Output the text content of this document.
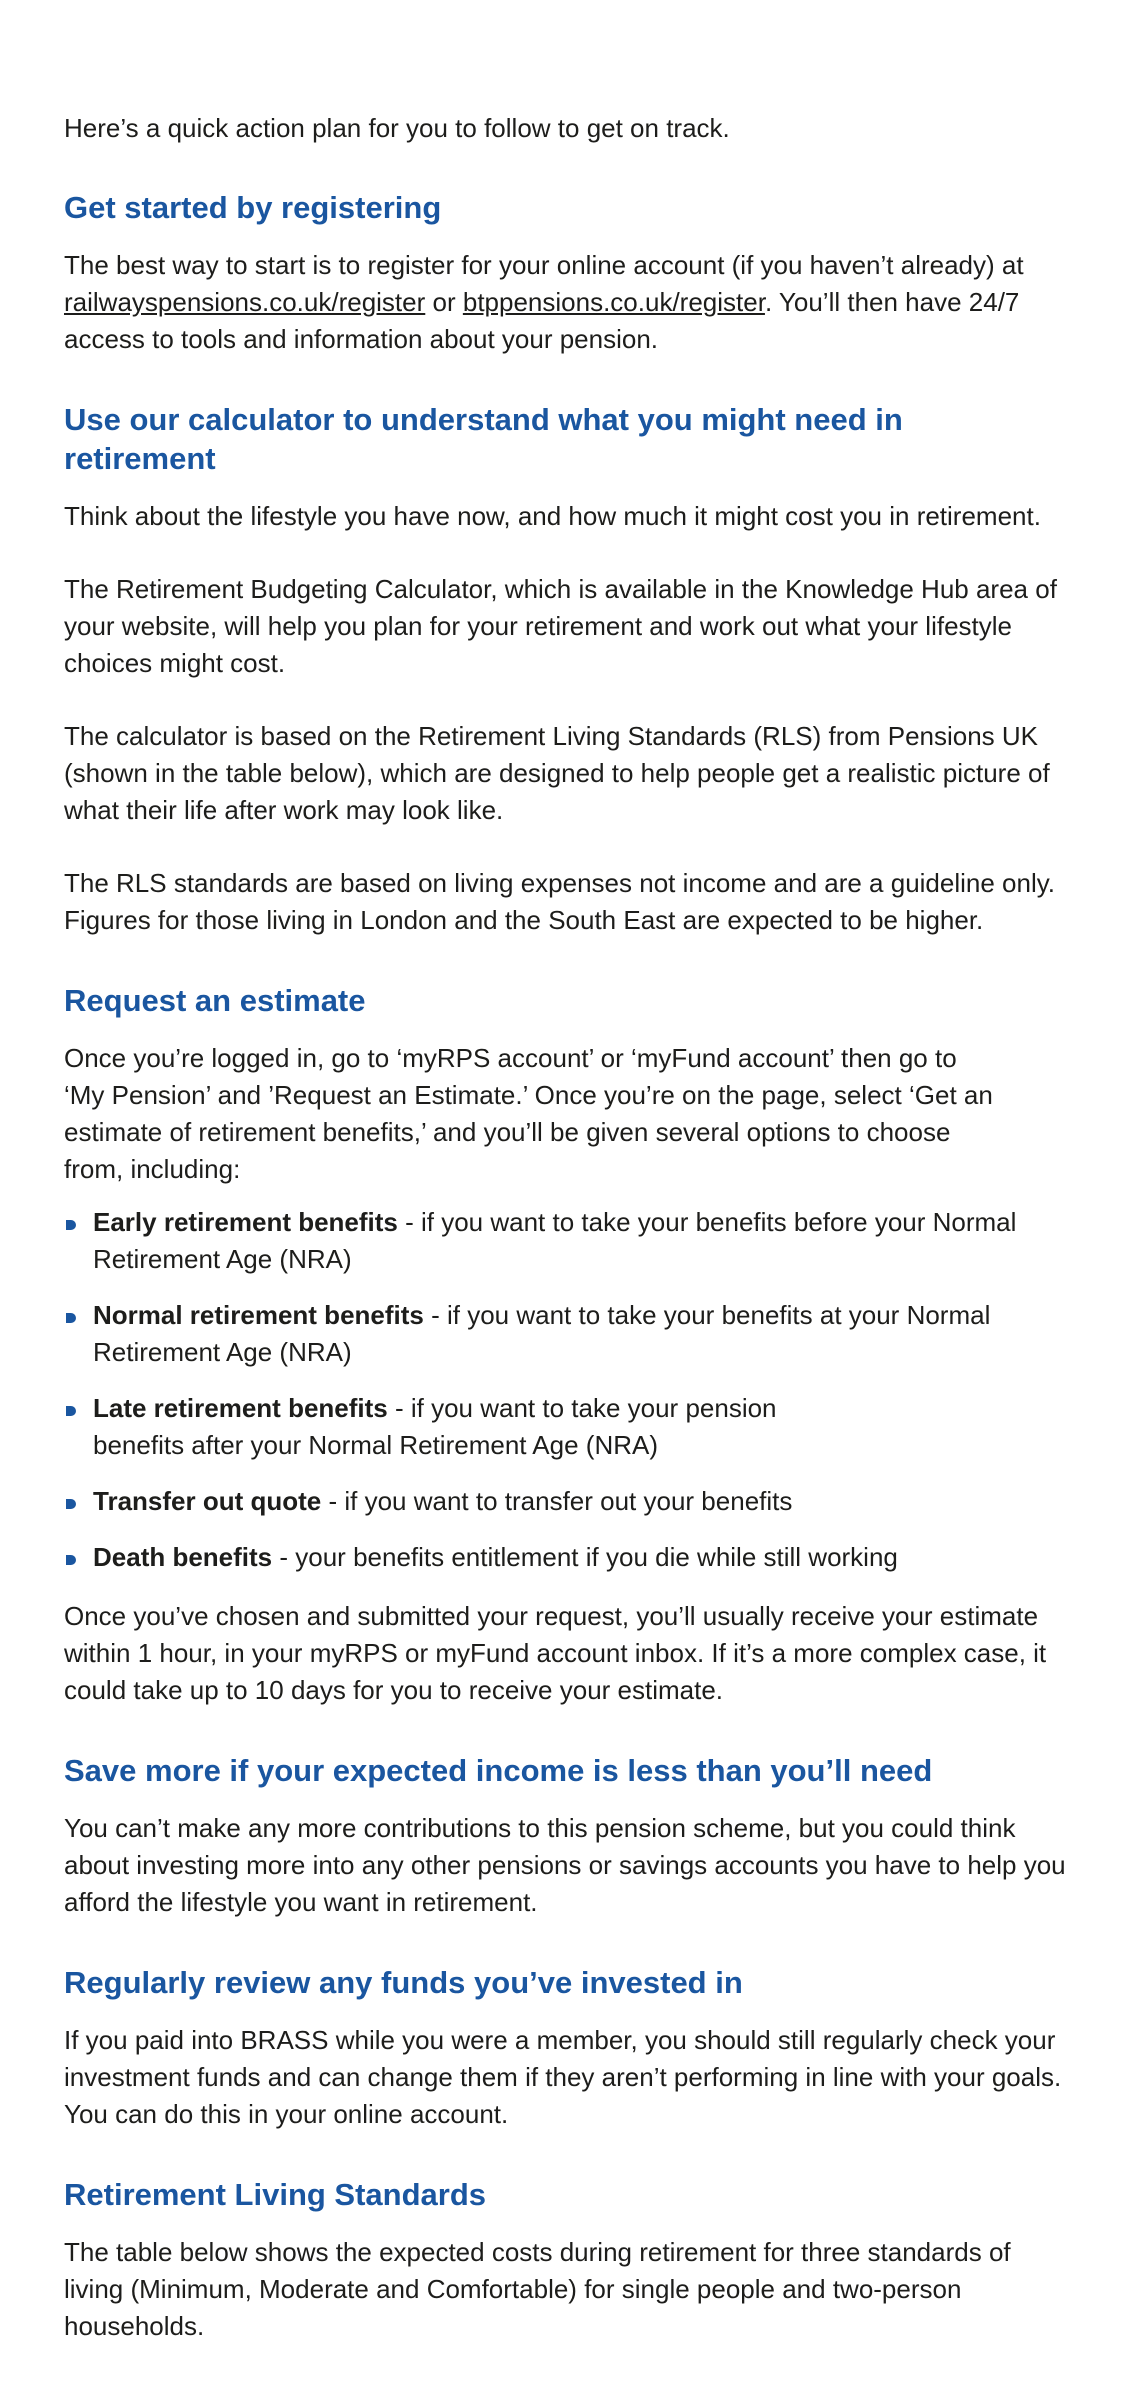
Here’s a quick action plan for you to follow to get on track.

Get started by registering

The best way to start is to register for your online account (if you haven’t already) at railwayspensions.co.uk/register or btppensions.co.uk/register. You’ll then have 24/7 access to tools and information about your pension.

Use our calculator to understand what you might need in retirement

Think about the lifestyle you have now, and how much it might cost you in retirement.

The Retirement Budgeting Calculator, which is available in the Knowledge Hub area of your website, will help you plan for your retirement and work out what your lifestyle choices might cost.

The calculator is based on the Retirement Living Standards (RLS) from Pensions UK (shown in the table below), which are designed to help people get a realistic picture of what their life after work may look like.

The RLS standards are based on living expenses not income and are a guideline only. Figures for those living in London and the South East are expected to be higher.

Request an estimate

Once you’re logged in, go to ‘myRPS account’ or ‘myFund account’ then go to ‘My Pension’ and ’Request an Estimate.’ Once you’re on the page, select ‘Get an estimate of retirement benefits,’ and you’ll be given several options to choose from, including:

Early retirement benefits - if you want to take your benefits before your Normal Retirement Age (NRA)
Normal retirement benefits - if you want to take your benefits at your Normal Retirement Age (NRA)
Late retirement benefits - if you want to take your pension benefits after your Normal Retirement Age (NRA)
Transfer out quote - if you want to transfer out your benefits
Death benefits - your benefits entitlement if you die while still working

Once you’ve chosen and submitted your request, you’ll usually receive your estimate within 1 hour, in your myRPS or myFund account inbox. If it’s a more complex case, it could take up to 10 days for you to receive your estimate.

Save more if your expected income is less than you’ll need

You can’t make any more contributions to this pension scheme, but you could think about investing more into any other pensions or savings accounts you have to help you afford the lifestyle you want in retirement.

Regularly review any funds you’ve invested in

If you paid into BRASS while you were a member, you should still regularly check your investment funds and can change them if they aren’t performing in line with your goals. You can do this in your online account.

Retirement Living Standards

The table below shows the expected costs during retirement for three standards of living (Minimum, Moderate and Comfortable) for single people and two-person households.
